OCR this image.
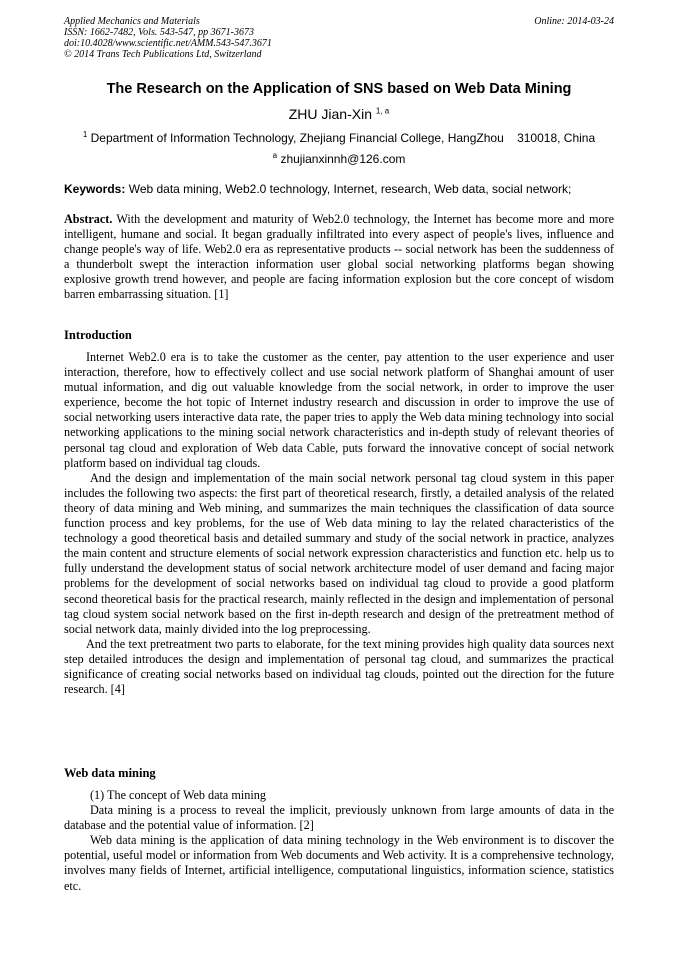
Applied Mechanics and Materials
ISSN: 1662-7482, Vols. 543-547, pp 3671-3673
doi:10.4028/www.scientific.net/AMM.543-547.3671
© 2014 Trans Tech Publications Ltd, Switzerland
Online: 2014-03-24
The Research on the Application of SNS based on Web Data Mining
ZHU Jian-Xin $^{1, a}$
$^1$ Department of Information Technology, Zhejiang Financial College, HangZhou    310018, China
$^a$ zhujianxinnh@126.com
Keywords: Web data mining, Web2.0 technology, Internet, research, Web data, social network;
Abstract. With the development and maturity of Web2.0 technology, the Internet has become more and more intelligent, humane and social. It began gradually infiltrated into every aspect of people's lives, influence and change people's way of life. Web2.0 era as representative products -- social network has been the suddenness of a thunderbolt swept the interaction information user global social networking platforms began showing explosive growth trend however, and people are facing information explosion but the core concept of wisdom barren embarrassing situation. [1]
Introduction

Internet Web2.0 era is to take the customer as the center, pay attention to the user experience and user interaction, therefore, how to effectively collect and use social network platform of Shanghai amount of user mutual information, and dig out valuable knowledge from the social network, in order to improve the user experience, become the hot topic of Internet industry research and discussion in order to improve the use of social networking users interactive data rate, the paper tries to apply the Web data mining technology into social networking applications to the mining social network characteristics and in-depth study of relevant theories of personal tag cloud and exploration of Web data Cable, puts forward the innovative concept of social network platform based on individual tag clouds.

And the design and implementation of the main social network personal tag cloud system in this paper includes the following two aspects: the first part of theoretical research, firstly, a detailed analysis of the related theory of data mining and Web mining, and summarizes the main techniques the classification of data source function process and key problems, for the use of Web data mining to lay the related characteristics of the technology a good theoretical basis and detailed summary and study of the social network in practice, analyzes the main content and structure elements of social network expression characteristics and function etc. help us to fully understand the development status of social network architecture model of user demand and facing major problems for the development of social networks based on individual tag cloud to provide a good platform second theoretical basis for the practical research, mainly reflected in the design and implementation of personal tag cloud system social network based on the first in-depth research and design of the pretreatment method of social network data, mainly divided into the log preprocessing.

And the text pretreatment two parts to elaborate, for the text mining provides high quality data sources next step detailed introduces the design and implementation of personal tag cloud, and summarizes the practical significance of creating social networks based on individual tag clouds, pointed out the direction for the future research. [4]

Web data mining

(1) The concept of Web data mining

Data mining is a process to reveal the implicit, previously unknown from large amounts of data in the database and the potential value of information. [2]

Web data mining is the application of data mining technology in the Web environment is to discover the potential, useful model or information from Web documents and Web activity. It is a comprehensive technology, involves many fields of Internet, artificial intelligence, computational linguistics, information science, statistics etc.
